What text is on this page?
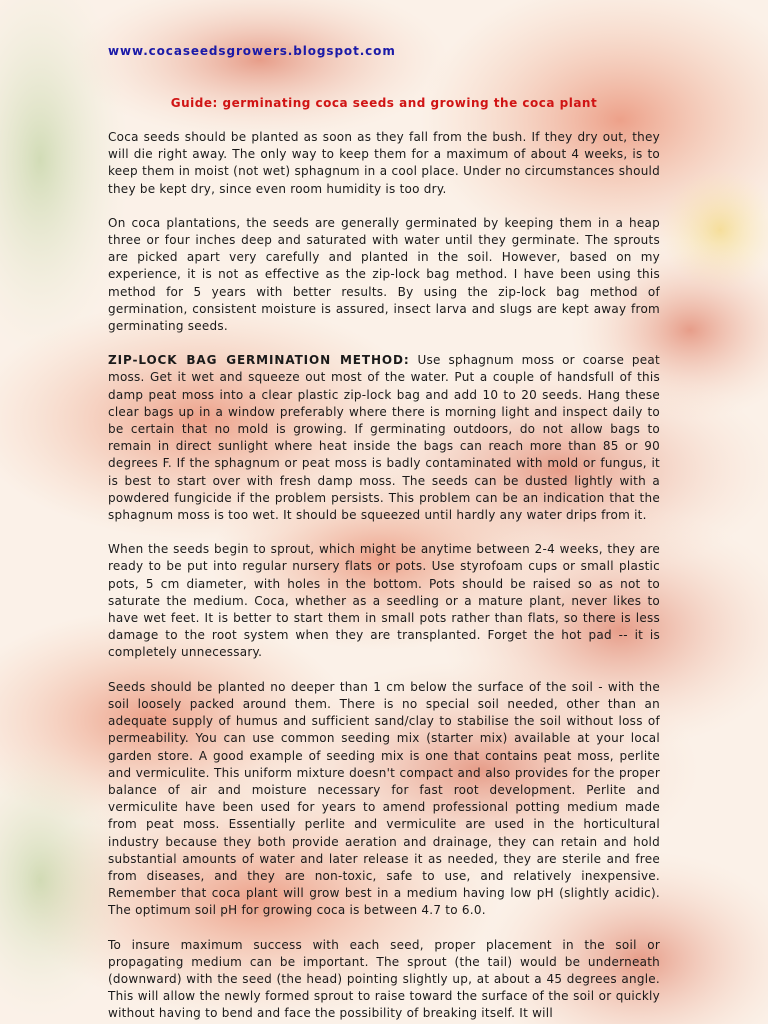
www.cocaseedsgrowers.blogspot.com
Guide: germinating coca seeds and growing the coca plant

Coca seeds should be planted as soon as they fall from the bush. If they dry out, they will die right away. The only way to keep them for a maximum of about 4 weeks, is to keep them in moist (not wet) sphagnum in a cool place. Under no circumstances should they be kept dry, since even room humidity is too dry.

On coca plantations, the seeds are generally germinated by keeping them in a heap three or four inches deep and saturated with water until they germinate. The sprouts are picked apart very carefully and planted in the soil. However, based on my experience, it is not as effective as the zip-lock bag method. I have been using this method for 5 years with better results. By using the zip-lock bag method of germination, consistent moisture is assured, insect larva and slugs are kept away from germinating seeds.

ZIP-LOCK BAG GERMINATION METHOD: Use sphagnum moss or coarse peat moss. Get it wet and squeeze out most of the water. Put a couple of handsfull of this damp peat moss into a clear plastic zip-lock bag and add 10 to 20 seeds. Hang these clear bags up in a window preferably where there is morning light and inspect daily to be certain that no mold is growing. If germinating outdoors, do not allow bags to remain in direct sunlight where heat inside the bags can reach more than 85 or 90 degrees F. If the sphagnum or peat moss is badly contaminated with mold or fungus, it is best to start over with fresh damp moss. The seeds can be dusted lightly with a powdered fungicide if the problem persists. This problem can be an indication that the sphagnum moss is too wet. It should be squeezed until hardly any water drips from it.

When the seeds begin to sprout, which might be anytime between 2-4 weeks, they are ready to be put into regular nursery flats or pots. Use styrofoam cups or small plastic pots, 5 cm diameter, with holes in the bottom. Pots should be raised so as not to saturate the medium. Coca, whether as a seedling or a mature plant, never likes to have wet feet. It is better to start them in small pots rather than flats, so there is less damage to the root system when they are transplanted. Forget the hot pad -- it is completely unnecessary.

Seeds should be planted no deeper than 1 cm below the surface of the soil - with the soil loosely packed around them. There is no special soil needed, other than an adequate supply of humus and sufficient sand/clay to stabilise the soil without loss of permeability. You can use common seeding mix (starter mix) available at your local garden store. A good example of seeding mix is one that contains peat moss, perlite and vermiculite. This uniform mixture doesn't compact and also provides for the proper balance of air and moisture necessary for fast root development. Perlite and vermiculite have been used for years to amend professional potting medium made from peat moss. Essentially perlite and vermiculite are used in the horticultural industry because they both provide aeration and drainage, they can retain and hold substantial amounts of water and later release it as needed, they are sterile and free from diseases, and they are non-toxic, safe to use, and relatively inexpensive. Remember that coca plant will grow best in a medium having low pH (slightly acidic). The optimum soil pH for growing coca is between 4.7 to 6.0.

To insure maximum success with each seed, proper placement in the soil or propagating medium can be important. The sprout (the tail) would be underneath (downward) with the seed (the head) pointing slightly up, at about a 45 degrees angle. This will allow the newly formed sprout to raise toward the surface of the soil or quickly without having to bend and face the possibility of breaking itself. It will
